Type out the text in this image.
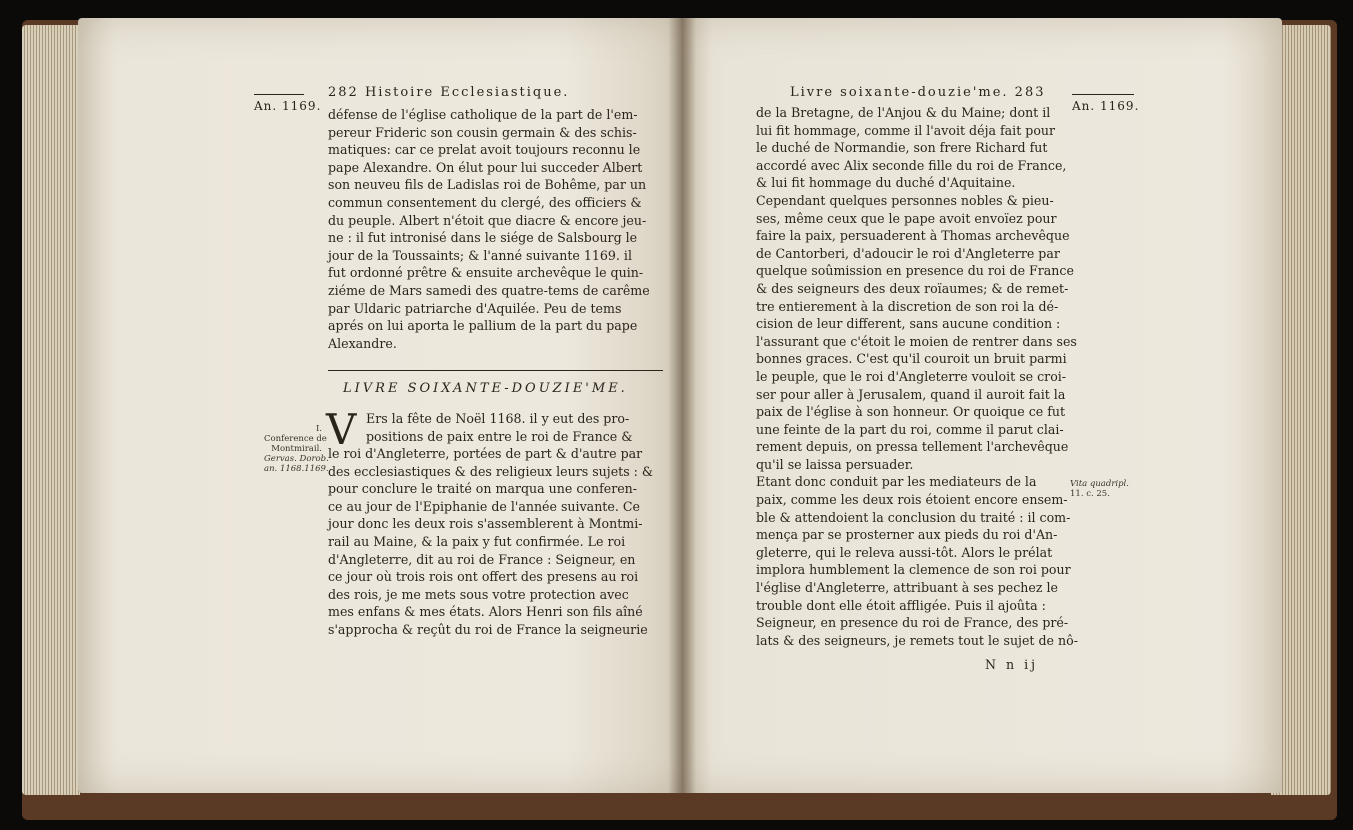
An. 1169.
282 Histoire Ecclesiastique.
défense de l'église catholique de la part de l'em-
pereur Frideric son cousin germain & des schis-
matiques: car ce prelat avoit toujours reconnu le
pape Alexandre. On élut pour lui succeder Albert
son neuveu fils de Ladislas roi de Bohême, par un
commun consentement du clergé, des officiers &
du peuple. Albert n'étoit que diacre & encore jeu-
ne : il fut intronisé dans le siége de Salsbourg le
jour de la Toussaints; & l'anné suivante 1169. il
fut ordonné prêtre & ensuite archevêque le quin-
ziéme de Mars samedi des quatre-tems de carême
par Uldaric patriarche d'Aquilée. Peu de tems
aprés on lui aporta le pallium de la part du pape
Alexandre.
LIVRE SOIXANTE-DOUZIE'ME.
V Ers la fête de Noël 1168. il y eut des pro-
positions de paix entre le roi de France &
le roi d'Angleterre, portées de part & d'autre par
des ecclesiastiques & des religieux leurs sujets : &
pour conclure le traité on marqua une conferen-
ce au jour de l'Epiphanie de l'année suivante. Ce
jour donc les deux rois s'assemblerent à Montmi-
rail au Maine, & la paix y fut confirmée. Le roi
d'Angleterre, dit au roi de France : Seigneur, en
ce jour où trois rois ont offert des presens au roi
des rois, je me mets sous votre protection avec
mes enfans & mes états. Alors Henri son fils aîné
s'approcha & reçût du roi de France la seigneurie
I.
Conference de
Montmirail.
Gervas. Dorob.
an. 1168.1169.
Livre soixante-douzie'me. 283
An. 1169.
de la Bretagne, de l'Anjou & du Maine; dont il
lui fit hommage, comme il l'avoit déja fait pour
le duché de Normandie, son frere Richard fut
accordé avec Alix seconde fille du roi de France,
& lui fit hommage du duché d'Aquitaine.
Cependant quelques personnes nobles & pieu-
ses, même ceux que le pape avoit envoïez pour
faire la paix, persuaderent à Thomas archevêque
de Cantorberi, d'adoucir le roi d'Angleterre par
quelque soûmission en presence du roi de France
& des seigneurs des deux roïaumes; & de remet-
tre entierement à la discretion de son roi la dé-
cision de leur different, sans aucune condition :
l'assurant que c'étoit le moien de rentrer dans ses
bonnes graces. C'est qu'il couroit un bruit parmi
le peuple, que le roi d'Angleterre vouloit se croi-
ser pour aller à Jerusalem, quand il auroit fait la
paix de l'église à son honneur. Or quoique ce fut
une feinte de la part du roi, comme il parut clai-
rement depuis, on pressa tellement l'archevêque
qu'il se laissa persuader.
Etant donc conduit par les mediateurs de la
paix, comme les deux rois étoient encore ensem-
ble & attendoient la conclusion du traité : il com-
mença par se prosterner aux pieds du roi d'An-
gleterre, qui le releva aussi-tôt. Alors le prélat
implora humblement la clemence de son roi pour
l'église d'Angleterre, attribuant à ses pechez le
trouble dont elle étoit affligée. Puis il ajoûta :
Seigneur, en presence du roi de France, des pré-
lats & des seigneurs, je remets tout le sujet de nô-
Vita quadripl.
11. c. 25.
N n ij
